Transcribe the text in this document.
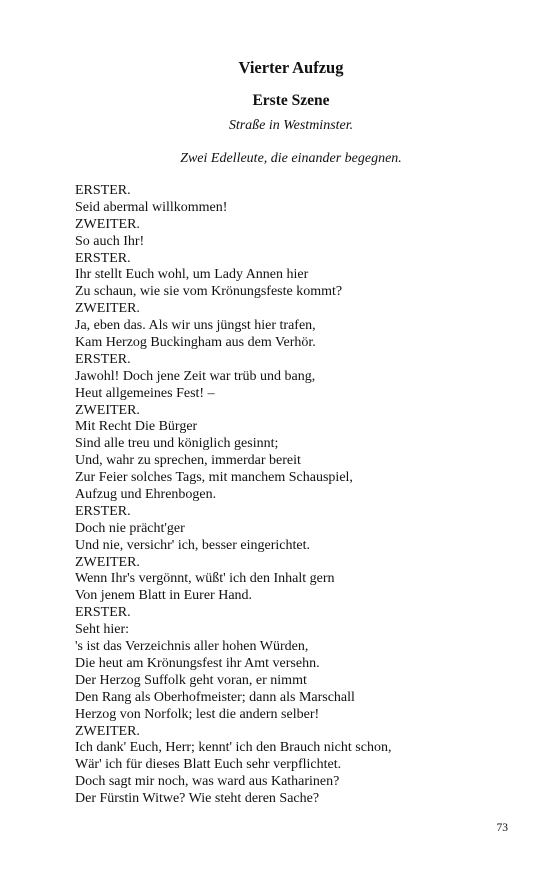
Vierter Aufzug
Erste Szene

Straße in Westminster.

Zwei Edelleute, die einander begegnen.

ERSTER.
Seid abermal willkommen!
ZWEITER.
So auch Ihr!
ERSTER.
Ihr stellt Euch wohl, um Lady Annen hier
Zu schaun, wie sie vom Krönungsfeste kommt?
ZWEITER.
Ja, eben das. Als wir uns jüngst hier trafen,
Kam Herzog Buckingham aus dem Verhör.
ERSTER.
Jawohl! Doch jene Zeit war trüb und bang,
Heut allgemeines Fest! –
ZWEITER.
Mit Recht Die Bürger
Sind alle treu und königlich gesinnt;
Und, wahr zu sprechen, immerdar bereit
Zur Feier solches Tags, mit manchem Schauspiel,
Aufzug und Ehrenbogen.
ERSTER.
Doch nie prächt'ger
Und nie, versichr' ich, besser eingerichtet.
ZWEITER.
Wenn Ihr's vergönnt, wüßt' ich den Inhalt gern
Von jenem Blatt in Eurer Hand.
ERSTER.
Seht hier:
's ist das Verzeichnis aller hohen Würden,
Die heut am Krönungsfest ihr Amt versehn.
Der Herzog Suffolk geht voran, er nimmt
Den Rang als Oberhofmeister; dann als Marschall
Herzog von Norfolk; lest die andern selber!
ZWEITER.
Ich dank' Euch, Herr; kennt' ich den Brauch nicht schon,
Wär' ich für dieses Blatt Euch sehr verpflichtet.
Doch sagt mir noch, was ward aus Katharinen?
Der Fürstin Witwe? Wie steht deren Sache?

73
